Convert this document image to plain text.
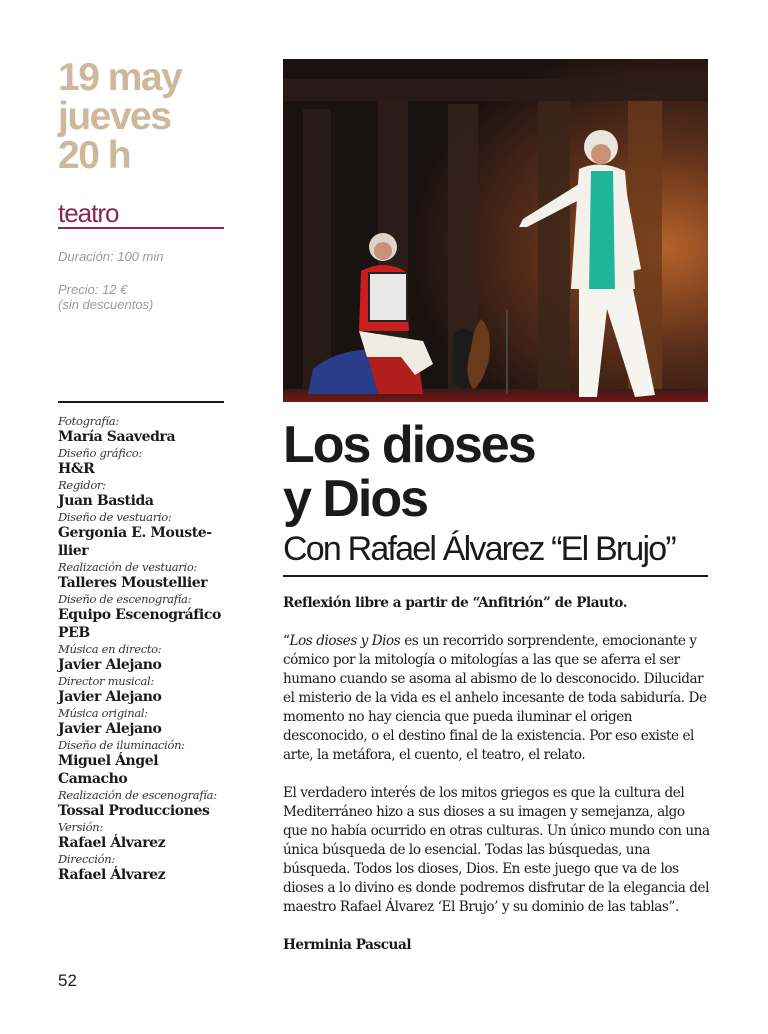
19 may
jueves
20 h
teatro
Duración: 100 min
Precio: 12 €
(sin descuentos)
Fotografía:
María Saavedra
Diseño gráfico:
H&R
Regidor:
Juan Bastida
Diseño de vestuario:
Gergonia E. Mouste-
llier
Realización de vestuario:
Talleres Moustellier
Diseño de escenografía:
Equipo Escenográfico
PEB
Música en directo:
Javier Alejano
Director musical:
Javier Alejano
Música original:
Javier Alejano
Diseño de iluminación:
Miguel Ángel
Camacho
Realización de escenografía:
Tossal Producciones
Versión:
Rafael Álvarez
Dirección:
Rafael Álvarez
52
Los dioses
y Dios
Con Rafael Álvarez “El Brujo”

Reflexión libre a partir de “Anfitrión” de Plauto.

“Los dioses y Dios es un recorrido sorprendente, emocionante y cómico por la mitología o mitologías a las que se aferra el ser humano cuando se asoma al abismo de lo desconocido. Dilucidar el misterio de la vida es el anhelo incesante de toda sabiduría. De momento no hay ciencia que pueda iluminar el origen desconocido, o el destino final de la existencia. Por eso existe el arte, la metáfora, el cuento, el teatro, el relato.

El verdadero interés de los mitos griegos es que la cultura del Mediterráneo hizo a sus dioses a su imagen y semejanza, algo que no había ocurrido en otras culturas. Un único mundo con una única búsqueda de lo esencial. Todas las búsquedas, una búsqueda. Todos los dioses, Dios. En este juego que va de los dioses a lo divino es donde podremos disfrutar de la elegancia del maestro Rafael Álvarez ‘El Brujo’ y su dominio de las tablas”.

Herminia Pascual
